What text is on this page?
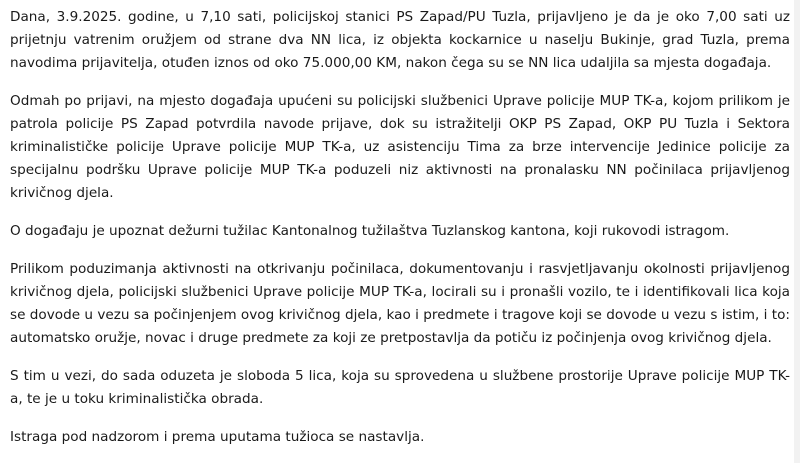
Dana, 3.9.2025. godine, u 7,10 sati, policijskoj stanici PS Zapad/PU Tuzla, prijavljeno je da je oko 7,00 sati uz prijetnju vatrenim oružjem od strane dva NN lica, iz objekta kockarnice u naselju Bukinje, grad Tuzla, prema navodima prijavitelja, otuđen iznos od oko 75.000,00 KM, nakon čega su se NN lica udaljila sa mjesta događaja.

Odmah po prijavi, na mjesto događaja upućeni su policijski službenici Uprave policije MUP TK-a, kojom prilikom je patrola policije PS Zapad potvrdila navode prijave, dok su istražitelji OKP PS Zapad, OKP PU Tuzla i Sektora kriminalističke policije Uprave policije MUP TK-a, uz asistenciju Tima za brze intervencije Jedinice policije za specijalnu podršku Uprave policije MUP TK-a poduzeli niz aktivnosti na pronalasku NN počinilaca prijavljenog krivičnog djela.

O događaju je upoznat dežurni tužilac Kantonalnog tužilaštva Tuzlanskog kantona, koji rukovodi istragom.

Prilikom poduzimanja aktivnosti na otkrivanju počinilaca, dokumentovanju i rasvjetljavanju okolnosti prijavljenog krivičnog djela, policijski službenici Uprave policije MUP TK-a, locirali su i pronašli vozilo, te i identifikovali lica koja se dovode u vezu sa počinjenjem ovog krivičnog djela, kao i predmete i tragove koji se dovode u vezu s istim, i to: automatsko oružje, novac i druge predmete za koji ze pretpostavlja da potiču iz počinjenja ovog krivičnog djela.

S tim u vezi, do sada oduzeta je sloboda 5 lica, koja su sprovedena u službene prostorije Uprave policije MUP TK-a, te je u toku kriminalistička obrada.

Istraga pod nadzorom i prema uputama tužioca se nastavlja.
